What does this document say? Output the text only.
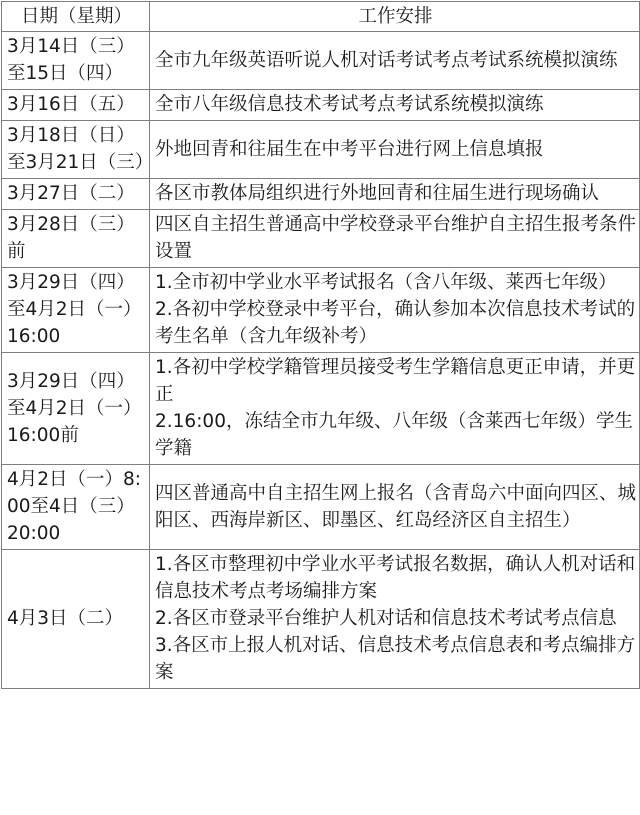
日期（星期）	工作安排
3月14日（三）至15日（四）	全市九年级英语听说人机对话考试考点考试系统模拟演练

3月16日（五）	全市八年级信息技术考试考点考试系统模拟演练

3月18日（日）至3月21日（三）	外地回青和往届生在中考平台进行网上信息填报

3月27日（二）	各区市教体局组织进行外地回青和往届生进行现场确认

3月28日（三）前	四区自主招生普通高中学校登录平台维护自主招生报考条件设置

3月29日（四）至4月2日（一）16:00	1.全市初中学业水平考试报名（含八年级、莱西七年级）
2.各初中学校登录中考平台，确认参加本次信息技术考试的考生名单（含九年级补考）

3月29日（四）至4月2日（一）16:00前	1.各初中学校学籍管理员接受考生学籍信息更正申请，并更正
2.16:00，冻结全市九年级、八年级（含莱西七年级）学生学籍

4月2日（一）8:00至4日（三）20:00	四区普通高中自主招生网上报名（含青岛六中面向四区、城阳区、西海岸新区、即墨区、红岛经济区自主招生）

4月3日（二）	1.各区市整理初中学业水平考试报名数据，确认人机对话和信息技术考点考场编排方案
2.各区市登录平台维护人机对话和信息技术考试考点信息
3.各区市上报人机对话、信息技术考点信息表和考点编排方案
